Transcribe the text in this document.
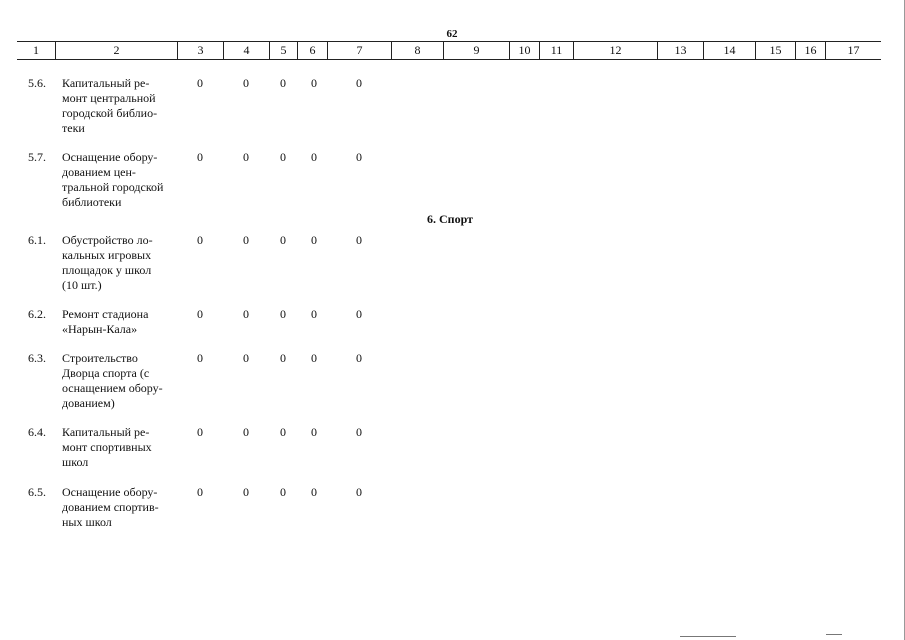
62
1	2	3	4	5	6	7	8	9	10	11	12	13	14	15	16	17
5.6.	Капитальный ре-
монт центральной
городской библио-
теки
0	0	0	0	0
5.7.	Оснащение обору-
дованием цен-
тральной городской
библиотеки
0	0	0	0	0
6. Спорт
6.1.	Обустройство ло-
кальных игровых
площадок у школ
(10 шт.)
0	0	0	0	0
6.2.	Ремонт стадиона
«Нарын-Кала»
0	0	0	0	0
6.3.	Строительство
Дворца спорта (с
оснащением обору-
дованием)
0	0	0	0	0
6.4.	Капитальный ре-
монт спортивных
школ
0	0	0	0	0
6.5.	Оснащение обору-
дованием спортив-
ных школ
0	0	0	0	0
